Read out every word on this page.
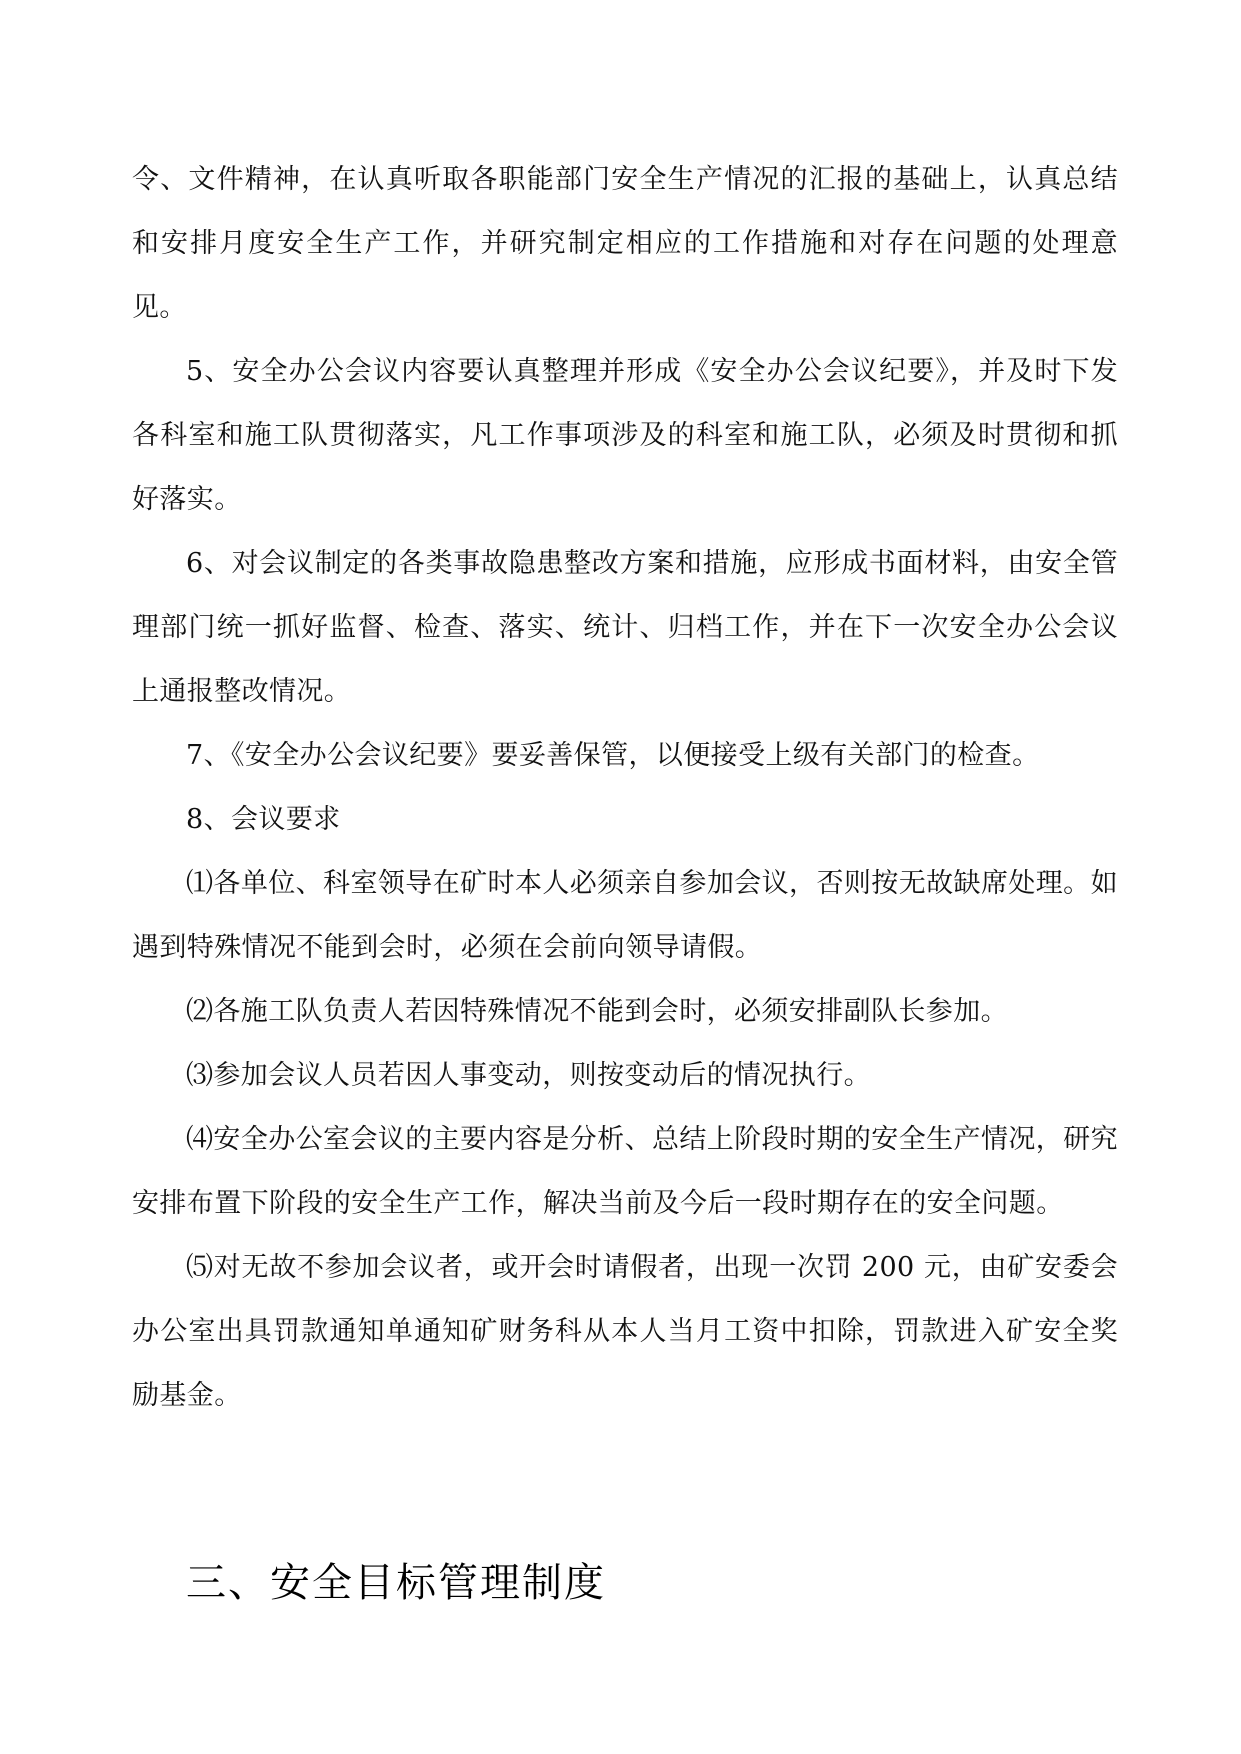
令、文件精神，在认真听取各职能部门安全生产情况的汇报的基础上，认真总结和安排月度安全生产工作，并研究制定相应的工作措施和对存在问题的处理意见。

5、安全办公会议内容要认真整理并形成《安全办公会议纪要》，并及时下发各科室和施工队贯彻落实，凡工作事项涉及的科室和施工队，必须及时贯彻和抓好落实。

6、对会议制定的各类事故隐患整改方案和措施，应形成书面材料，由安全管理部门统一抓好监督、检查、落实、统计、归档工作，并在下一次安全办公会议上通报整改情况。

7、《安全办公会议纪要》要妥善保管，以便接受上级有关部门的检查。

8、会议要求

⑴各单位、科室领导在矿时本人必须亲自参加会议，否则按无故缺席处理。如遇到特殊情况不能到会时，必须在会前向领导请假。

⑵各施工队负责人若因特殊情况不能到会时，必须安排副队长参加。

⑶参加会议人员若因人事变动，则按变动后的情况执行。

⑷安全办公室会议的主要内容是分析、总结上阶段时期的安全生产情况，研究安排布置下阶段的安全生产工作，解决当前及今后一段时期存在的安全问题。

⑸对无故不参加会议者，或开会时请假者，出现一次罚 200 元，由矿安委会办公室出具罚款通知单通知矿财务科从本人当月工资中扣除，罚款进入矿安全奖励基金。

三、安全目标管理制度
